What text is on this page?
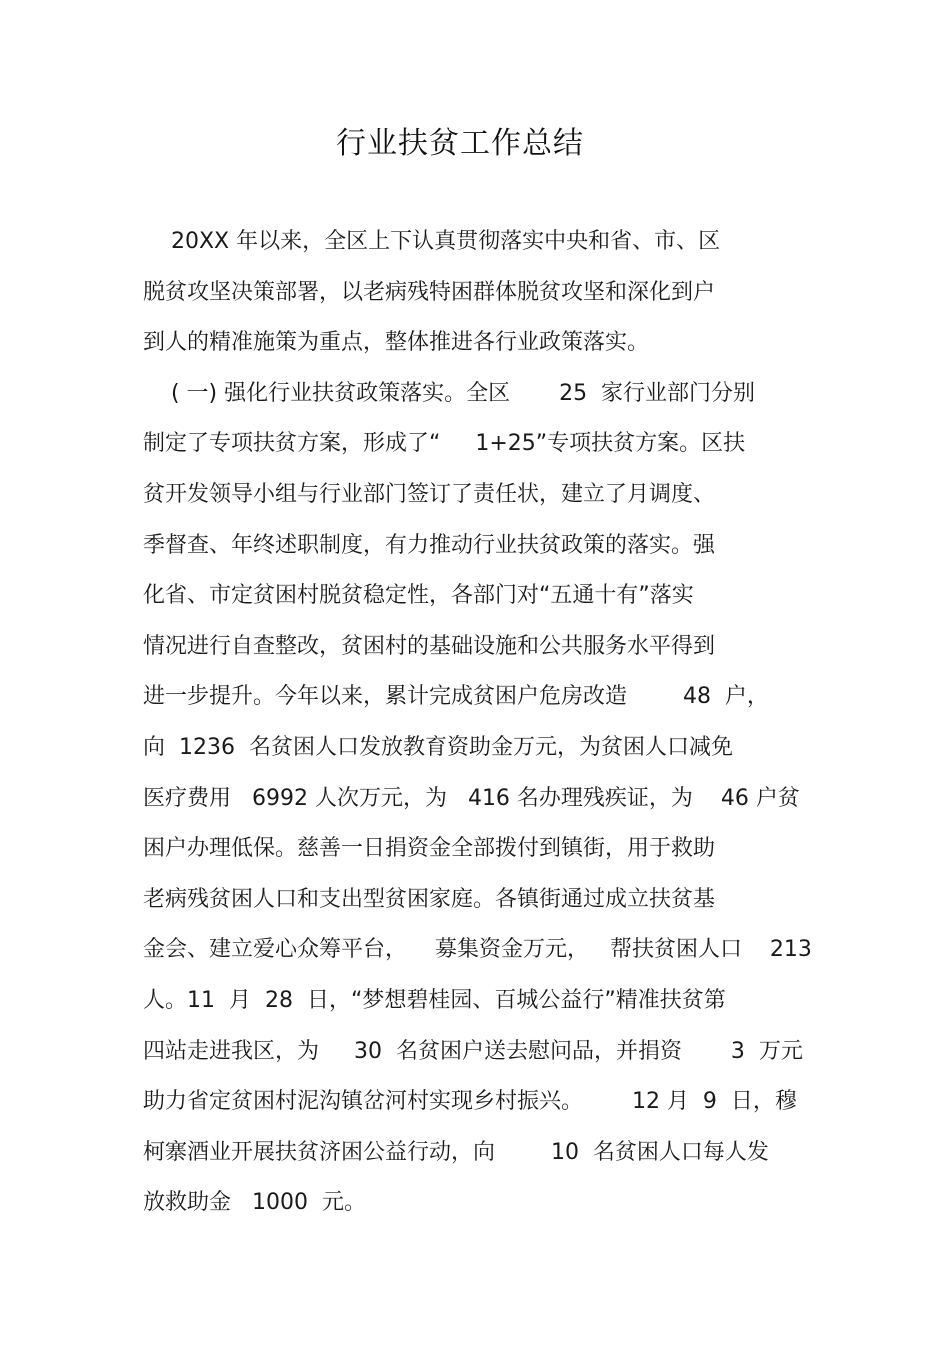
行业扶贫工作总结
20XX 年以来，全区上下认真贯彻落实中央和省、市、区
脱贫攻坚决策部署，以老病残特困群体脱贫攻坚和深化到户
到人的精准施策为重点，整体推进各行业政策落实。
( 一) 强化行业扶贫政策落实。全区       25  家行业部门分别
制定了专项扶贫方案，形成了“     1+25”专项扶贫方案。区扶
贫开发领导小组与行业部门签订了责任状，建立了月调度、
季督查、年终述职制度，有力推动行业扶贫政策的落实。强
化省、市定贫困村脱贫稳定性，各部门对“五通十有”落实
情况进行自查整改，贫困村的基础设施和公共服务水平得到
进一步提升。今年以来，累计完成贫困户危房改造        48  户，
向  1236  名贫困人口发放教育资助金万元，为贫困人口减免
医疗费用   6992 人次万元，为   416 名办理残疾证，为    46 户贫
困户办理低保。慈善一日捐资金全部拨付到镇街，用于救助
老病残贫困人口和支出型贫困家庭。各镇街通过成立扶贫基
金会、建立爱心众筹平台，    募集资金万元，   帮扶贫困人口    213
人。11  月  28  日，“梦想碧桂园、百城公益行”精准扶贫第
四站走进我区，为     30  名贫困户送去慰问品，并捐资       3  万元
助力省定贫困村泥沟镇岔河村实现乡村振兴。       12 月  9  日，穆
柯寨酒业开展扶贫济困公益行动，向        10  名贫困人口每人发
放救助金   1000  元。
